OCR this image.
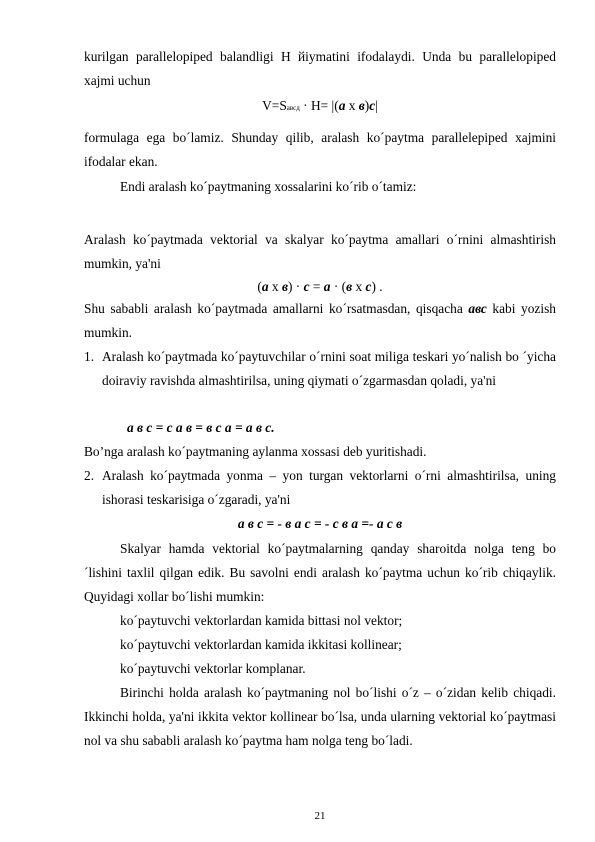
kurilgan parallelopiped balandligi H йiymatini ifodalaydi. Unda bu parallelopiped xajmi uchun

V=Sавсд · H= |(a х в)c|

formulaga ega bo´lamiz. Shunday qilib, aralash ko´paytma parallelepiped xajmini ifodalar ekan.

Endi aralash ko´paytmaning xossalarini ko´rib o´tamiz:

Aralash ko´paytmada vektorial va skalyar ko´paytma amallari o´rnini almashtirish mumkin, ya'ni

(a х в) · c = a · (в х c) .

Shu sababli aralash ko´paytmada amallarni ko´rsatmasdan, qisqacha авс kabi yozish mumkin.

1. Aralash ko´paytmada ko´paytuvchilar o´rnini soat miliga teskari yo´nalish bo ´yicha doiraviy ravishda almashtirilsa, uning qiymati o´zgarmasdan qoladi, ya'ni

а в с = с а в = в с а = а в с.

Bo’nga aralash ko´paytmaning aylanma xossasi deb yuritishadi.

2. Aralash ko´paytmada yonma – yon turgan vektorlarni o´rni almashtirilsa, uning ishorasi teskarisiga o´zgaradi, ya'ni

а в с = - в а с = - с в а =- а с в

Skalyar hamda vektorial ko´paytmalarning qanday sharoitda nolga teng bo ´lishini taxlil qilgan edik. Bu savolni endi aralash ko´paytma uchun ko´rib chiqaylik. Quyidagi xollar bo´lishi mumkin:

ko´paytuvchi vektorlardan kamida bittasi nol vektor;

ko´paytuvchi vektorlardan kamida ikkitasi kollinear;

ko´paytuvchi vektorlar komplanar.

Birinchi holda aralash ko´paytmaning nol bo´lishi o´z – o´zidan kelib chiqadi. Ikkinchi holda, ya'ni ikkita vektor kollinear bo´lsa, unda ularning vektorial ko´paytmasi nol va shu sababli aralash ko´paytma ham nolga teng bo´ladi.

21
